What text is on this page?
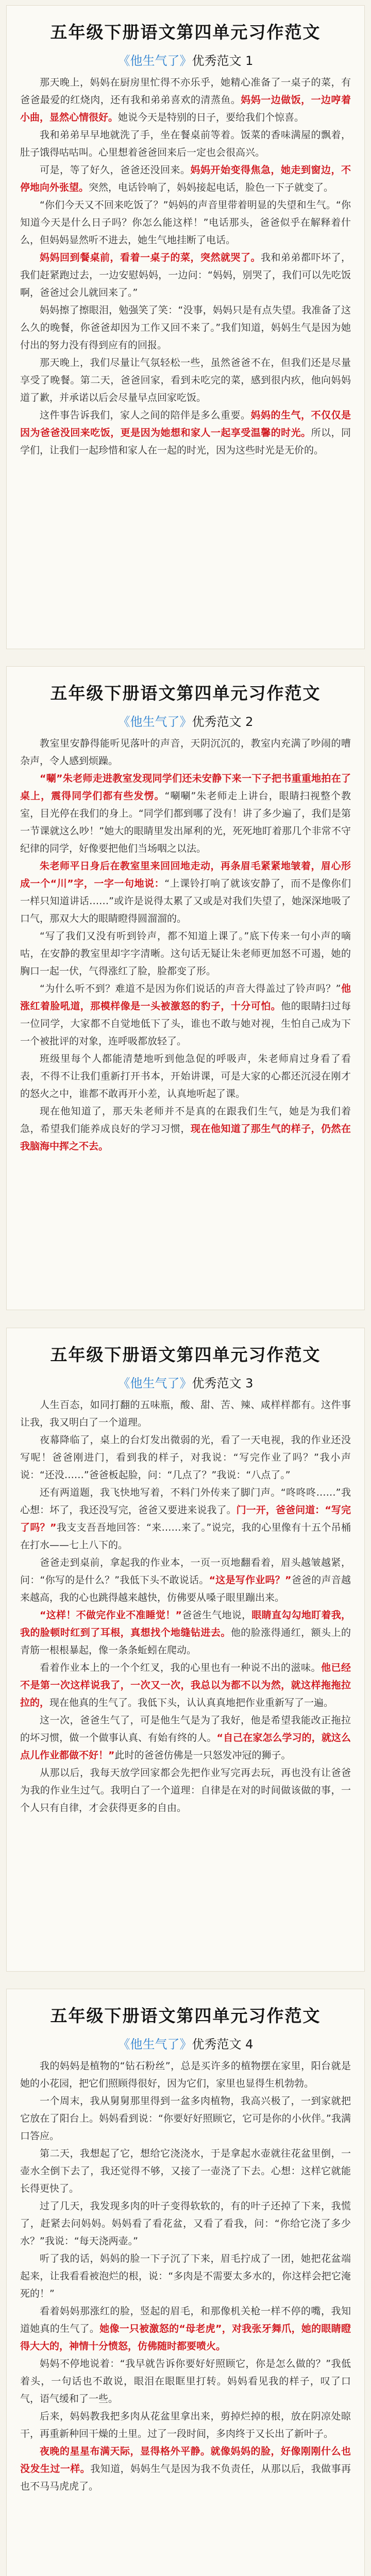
五年级下册语文第四单元习作范文
《他生气了》优秀范文 1

那天晚上，妈妈在厨房里忙得不亦乐乎，她精心准备了一桌子的菜，有爸爸最爱的红烧肉，还有我和弟弟喜欢的清蒸鱼。妈妈一边做饭，一边哼着小曲，显然心情很好。她说今天是特别的日子，要给我们个惊喜。

我和弟弟早早地就洗了手，坐在餐桌前等着。饭菜的香味满屋的飘着，肚子饿得咕咕叫。心里想着爸爸回来后一定也会很高兴。

可是，等了好久，爸爸还没回来。妈妈开始变得焦急，她走到窗边，不停地向外张望。突然，电话铃响了，妈妈接起电话，脸色一下子就变了。

“你们今天又不回来吃饭了？”妈妈的声音里带着明显的失望和生气。“你知道今天是什么日子吗？你怎么能这样！”电话那头，爸爸似乎在解释着什么，但妈妈显然听不进去，她生气地挂断了电话。

妈妈回到餐桌前，看着一桌子的菜，突然就哭了。我和弟弟都吓坏了，我们赶紧跑过去，一边安慰妈妈，一边问：“妈妈，别哭了，我们可以先吃饭啊，爸爸过会儿就回来了。”

妈妈擦了擦眼泪，勉强笑了笑：“没事，妈妈只是有点失望。我准备了这么久的晚餐，你爸爸却因为工作又回不来了。”我们知道，妈妈生气是因为她付出的努力没有得到应有的回报。

那天晚上，我们尽量让气氛轻松一些，虽然爸爸不在，但我们还是尽量享受了晚餐。第二天，爸爸回家，看到未吃完的菜，感到很内疚，他向妈妈道了歉，并承诺以后会尽量早点回家吃饭。

这件事告诉我们，家人之间的陪伴是多么重要。妈妈的生气，不仅仅是因为爸爸没回来吃饭，更是因为她想和家人一起享受温馨的时光。所以，同学们，让我们一起珍惜和家人在一起的时光，因为这些时光是无价的。

五年级下册语文第四单元习作范文
《他生气了》优秀范文 2

教室里安静得能听见落叶的声音，天阴沉沉的，教室内充满了吵闹的嘈杂声，令人感到烦躁。

“唰”朱老师走进教室发现同学们还未安静下来一下子把书重重地拍在了桌上，震得同学们都有些发愣。“唰唰”朱老师走上讲台，眼睛扫视整个教室，目光停在我们的身上。“同学们都到哪了没有！讲了多少遍了，我们是第一节课就这么吵！”她大的眼睛里发出犀利的光，死死地盯着那几个非常不守纪律的同学，好像要把他们当场咽之以法。

朱老师平日身后在教室里来回回地走动，再条眉毛紧紧地皱着，眉心形成一个“川”字，一字一句地说：“上课铃打响了就该安静了，而不是像你们一样只知道讲话……”或许是说得太累了又或是对我们失望了，她深深地吸了口气，那双大大的眼睛瞪得圆溜溜的。

“写了我们又没有听到铃声，都不知道上课了。”底下传来一句小声的嘀咕，在安静的教室里却字字清晰。这句话无疑让朱老师更加怒不可遏，她的胸口一起一伏，气得涨红了脸，脸都变了形。

“为什么听不到？难道不是因为你们说话的声音大得盖过了铃声吗？”他涨红着脸吼道，那模样像是一头被激怒的豹子，十分可怕。他的眼睛扫过每一位同学，大家都不自觉地低下了头，谁也不敢与她对视，生怕自己成为下一个被批评的对象，连呼吸都放轻了。

班级里每个人都能清楚地听到他急促的呼吸声，朱老师肩过身看了看表，不得不让我们重新打开书本，开始讲课，可是大家的心都还沉浸在刚才的怒火之中，谁都不敢再开小差，认真地听起了课。

现在他知道了，那天朱老师并不是真的在跟我们生气，她是为我们着急，希望我们能养成良好的学习习惯，现在他知道了那生气的样子，仍然在我脑海中挥之不去。

五年级下册语文第四单元习作范文
《他生气了》优秀范文 3

人生百态，如同打翻的五味瓶，酸、甜、苦、辣、咸样样都有。这件事让我，我又明白了一个道理。

夜幕降临了，桌上的台灯发出微弱的光，看了一天电视，我的作业还没写呢！爸爸刚进门，看到我的样子，对我说：“写完作业了吗？”我小声说：“还没……”爸爸板起脸，问：“几点了？”我说：“八点了。”

还有两道题，我飞快地写着，不料门外传来了脚门声。“咚咚咚……”我心想：坏了，我还没写完，爸爸又要进来说我了。门一开，爸爸问道：“写完了吗？”我支支吾吾地回答：“来……来了。”说完，我的心里像有十五个吊桶在打水——七上八下的。

爸爸走到桌前，拿起我的作业本，一页一页地翻看着，眉头越皱越紧，问：“你写的是什么？”我低下头不敢说话。“这是写作业吗？”爸爸的声音越来越高，我的心也跳得越来越快，仿佛要从嗓子眼里蹦出来。

“这样！不做完作业不准睡觉！”爸爸生气地说，眼睛直勾勾地盯着我，我的脸顿时红到了耳根，真想找个地缝钻进去。他的脸涨得通红，额头上的青筋一根根暴起，像一条条蚯蚓在爬动。

看着作业本上的一个个红叉，我的心里也有一种说不出的滋味。他已经不是第一次这样说我了，一次又一次，我总以为都不以为然，就这样拖拖拉拉的，现在他真的生气了。我低下头，认认真真地把作业重新写了一遍。

这一次，爸爸生气了，可是他生气是为了我好，他是希望我能改正拖拉的坏习惯，做一个做事认真、有始有终的人。“自己在家怎么学习的，就这么点儿作业都做不好！”此时的爸爸仿佛是一只怒发冲冠的狮子。

从那以后，我每天放学回家都会先把作业写完再去玩，再也没有让爸爸为我的作业生过气。我明白了一个道理：自律是在对的时间做该做的事，一个人只有自律，才会获得更多的自由。

五年级下册语文第四单元习作范文
《他生气了》优秀范文 4

我的妈妈是植物的“钻石粉丝”，总是买许多的植物摆在家里，阳台就是她的小花园，把它们照顾得很好，因为它们，家里也显得生机勃勃。

一个周末，我从舅舅那里得到一盆多肉植物，我高兴极了，一到家就把它放在了阳台上。妈妈看到说：“你要好好照顾它，它可是你的小伙伴。”我满口答应。

第二天，我想起了它，想给它浇浇水，于是拿起水壶就往花盆里倒，一壶水全倒下去了，我还觉得不够，又接了一壶浇了下去。心想：这样它就能长得更快了。

过了几天，我发现多肉的叶子变得软软的，有的叶子还掉了下来，我慌了，赶紧去问妈妈。妈妈看了看花盆，又看了看我，问：“你给它浇了多少水？”我说：“每天浇两壶。”

听了我的话，妈妈的脸一下子沉了下来，眉毛拧成了一团，她把花盆端起来，让我看看被泡烂的根，说：“多肉是不需要太多水的，你这样会把它淹死的！”

看着妈妈那涨红的脸，竖起的眉毛，和那像机关枪一样不停的嘴，我知道她真的生气了。她像一只被激怒的“母老虎”，对我张牙舞爪，她的眼睛瞪得大大的，神情十分愤怒，仿佛随时都要喷火。

妈妈不停地说着：“我早就告诉你要好好照顾它，你是怎么做的？”我低着头，一句话也不敢说，眼泪在眼眶里打转。妈妈看见我的样子，叹了口气，语气缓和了一些。

后来，妈妈教我把多肉从花盆里拿出来，剪掉烂掉的根，放在阴凉处晾干，再重新种回干燥的土里。过了一段时间，多肉终于又长出了新叶子。

夜晚的星星布满天际，显得格外平静。就像妈妈的脸，好像刚刚什么也没发生过一样。我知道，妈妈生气是因为我不负责任，从那以后，我做事再也不马马虎虎了。
